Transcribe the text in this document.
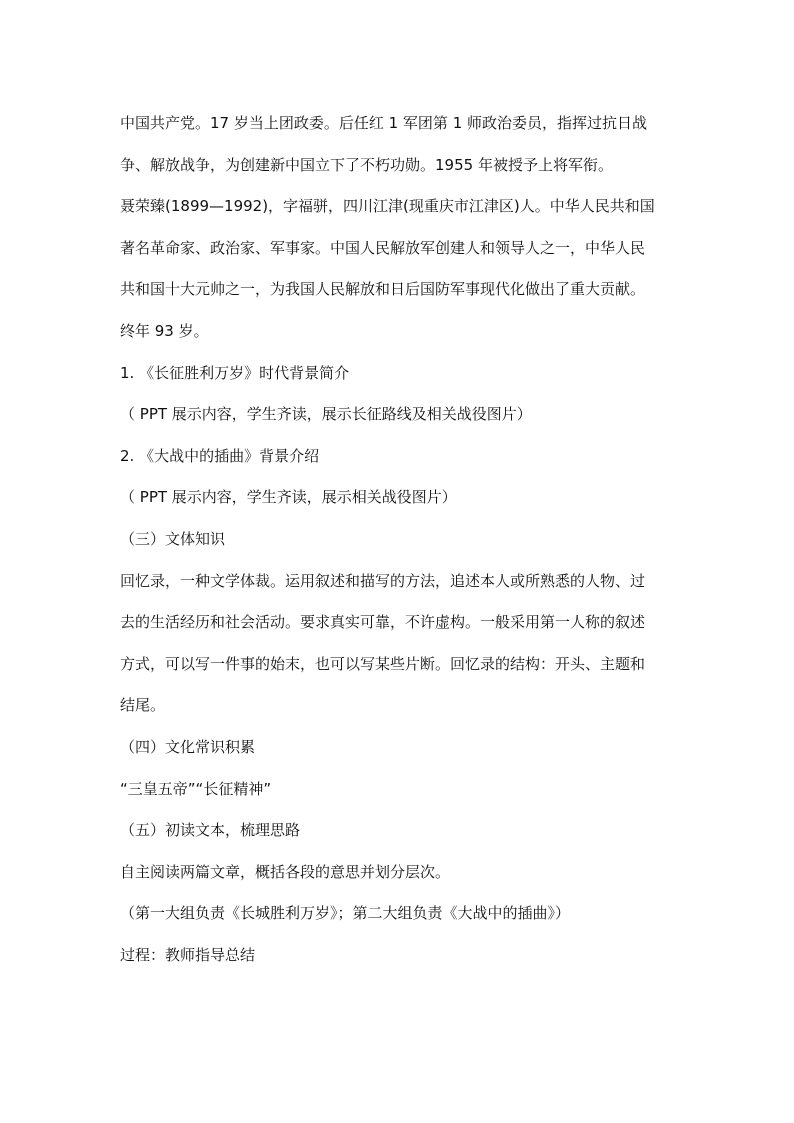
中国共产党。17 岁当上团政委。后任红 1 军团第 1 师政治委员，指挥过抗日战
争、解放战争，为创建新中国立下了不朽功勋。1955 年被授予上将军衔。

聂荣臻(1899—1992)，字福骈，四川江津(现重庆市江津区)人。中华人民共和国
著名革命家、政治家、军事家。中国人民解放军创建人和领导人之一，中华人民
共和国十大元帅之一，为我国人民解放和日后国防军事现代化做出了重大贡献。
终年 93 岁。

1. 《长征胜利万岁》时代背景简介

（ PPT 展示内容，学生齐读，展示长征路线及相关战役图片）

2. 《大战中的插曲》背景介绍

（ PPT 展示内容，学生齐读，展示相关战役图片）

（三）文体知识

回忆录，一种文学体裁。运用叙述和描写的方法，追述本人或所熟悉的人物、过
去的生活经历和社会活动。要求真实可靠，不许虚构。一般采用第一人称的叙述
方式，可以写一件事的始末，也可以写某些片断。回忆录的结构：开头、主题和
结尾。

（四）文化常识积累

“三皇五帝”“长征精神”

（五）初读文本，梳理思路

自主阅读两篇文章，概括各段的意思并划分层次。

（第一大组负责《长城胜利万岁》；第二大组负责《大战中的插曲》）

过程：教师指导总结
